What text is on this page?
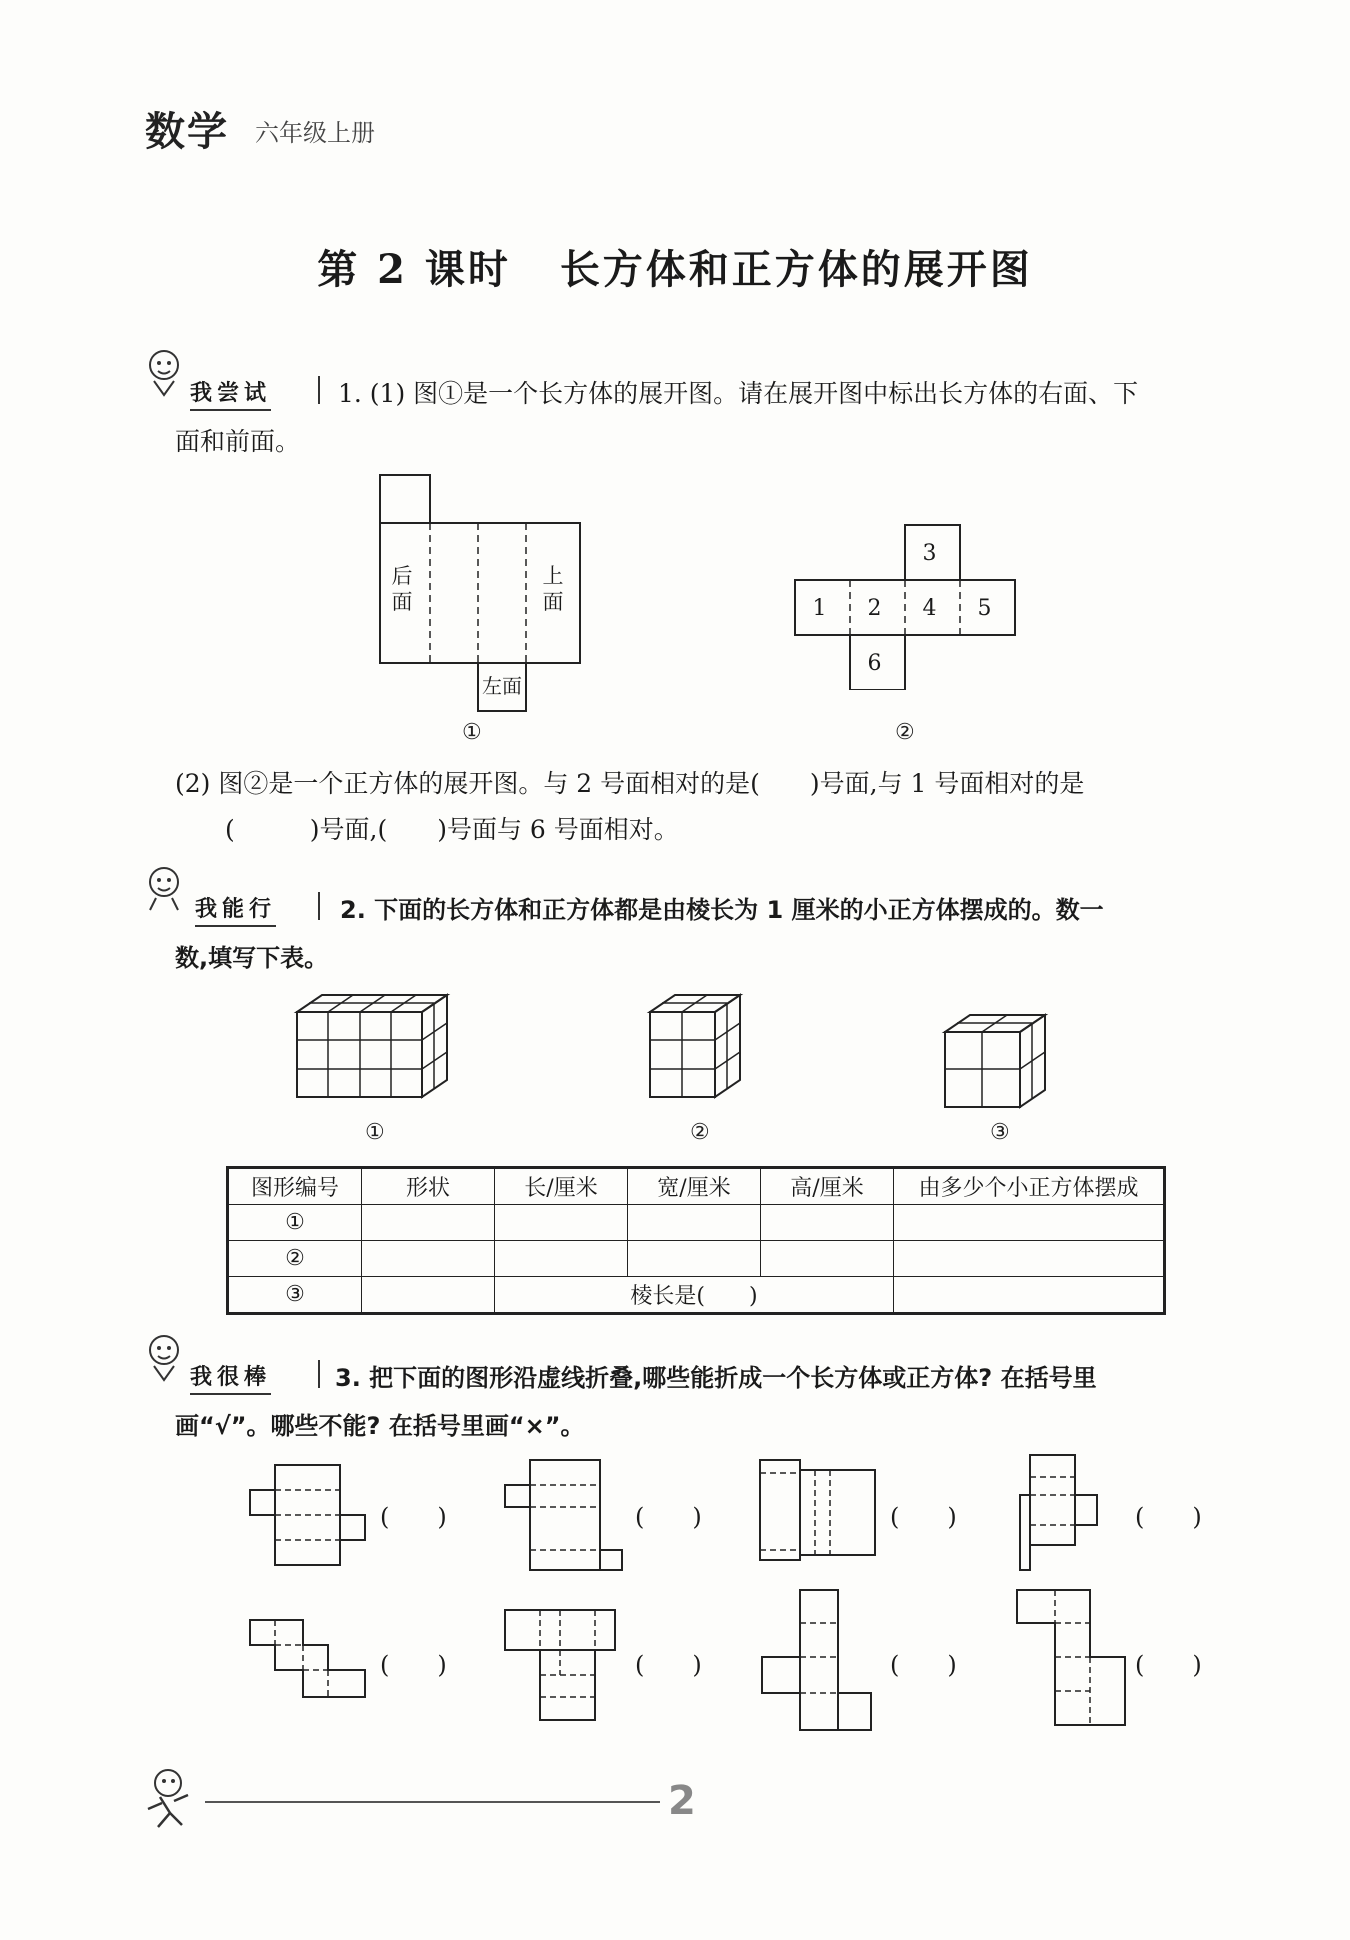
数学 六年级上册
第 2 课时 长方体和正方体的展开图
我尝试	1. (1) 图①是一个长方体的展开图。请在展开图中标出长方体的右面、下
面和前面。
后面
上面
左面
①
1	2
3
4	5
6
②
(2) 图②是一个正方体的展开图。与 2 号面相对的是(　　)号面,与 1 号面相对的是
(　　　)号面,(　　)号面与 6 号面相对。
我能行	2. 下面的长方体和正方体都是由棱长为 1 厘米的小正方体摆成的。数一
数,填写下表。
①	②	③
图形编号	形状	长/厘米	宽/厘米	高/厘米	由多少个小正方体摆成
①					
②					
③		棱长是(　　)			
我很棒	3. 把下面的图形沿虚线折叠,哪些能折成一个长方体或正方体? 在括号里
画“√”。哪些不能? 在括号里画“×”。
(　　)	(　　)	(　　)	(　　)
(　　)	(　　)	(　　)	(　　)
2
